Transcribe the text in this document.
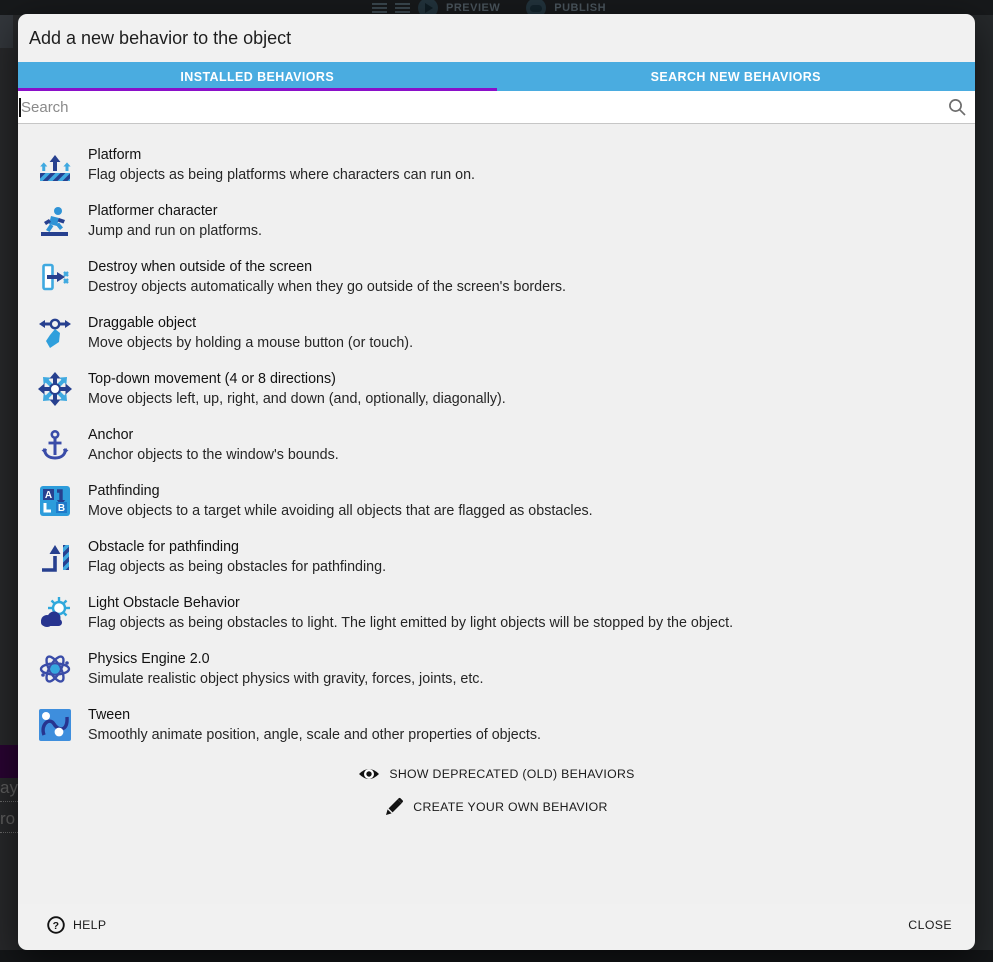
PREVIEW	PUBLISH
ay
ro
Add a new behavior to the object
INSTALLED BEHAVIORS	SEARCH NEW BEHAVIORS
Search
Platform
Flag objects as being platforms where characters can run on.
Platformer character
Jump and run on platforms.
Destroy when outside of the screen
Destroy objects automatically when they go outside of the screen's borders.
Draggable object
Move objects by holding a mouse button (or touch).
Top-down movement (4 or 8 directions)
Move objects left, up, right, and down (and, optionally, diagonally).
Anchor
Anchor objects to the window's bounds.
A
B
Pathfinding
Move objects to a target while avoiding all objects that are flagged as obstacles.
Obstacle for pathfinding
Flag objects as being obstacles for pathfinding.
Light Obstacle Behavior
Flag objects as being obstacles to light. The light emitted by light objects will be stopped by the object.
Physics Engine 2.0
Simulate realistic object physics with gravity, forces, joints, etc.
Tween
Smoothly animate position, angle, scale and other properties of objects.
SHOW DEPRECATED (OLD) BEHAVIORS
CREATE YOUR OWN BEHAVIOR
? HELP	CLOSE
